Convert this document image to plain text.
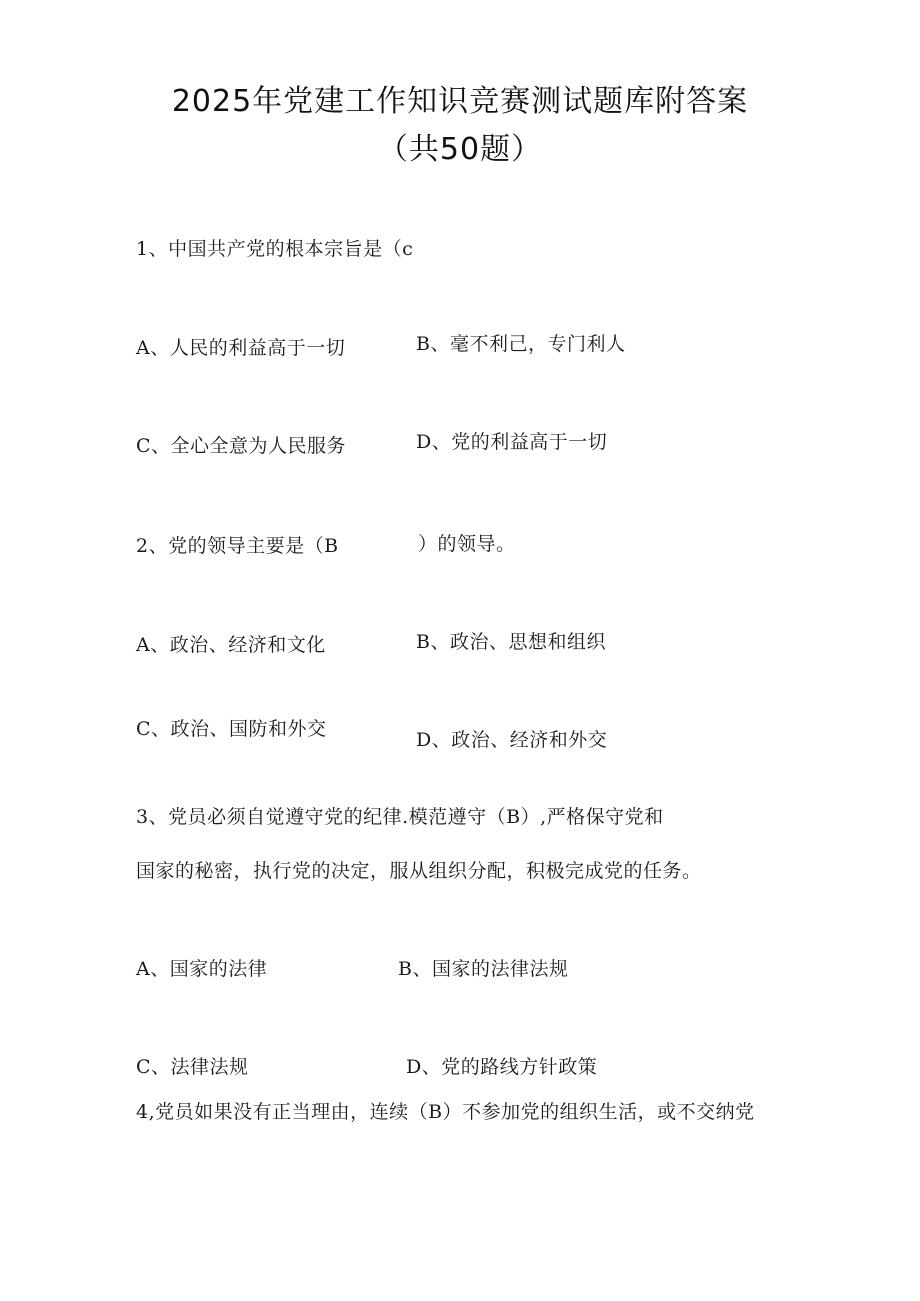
2025年党建工作知识竞赛测试题库附答案
（共50题）
1、中国共产党的根本宗旨是（c
A、人民的利益高于一切	B、毫不利己，专门利人
C、全心全意为人民服务	D、党的利益高于一切
2、党的领导主要是（B	）的领导。
A、政治、经济和文化	B、政治、思想和组织
C、政治、国防和外交	D、政治、经济和外交
3、党员必须自觉遵守党的纪律.模范遵守（B）,严格保守党和
国家的秘密，执行党的决定，服从组织分配，积极完成党的任务。
A、国家的法律	B、国家的法律法规
C、法律法规	D、党的路线方针政策
4,党员如果没有正当理由，连续（B）不参加党的组织生活，或不交纳党
